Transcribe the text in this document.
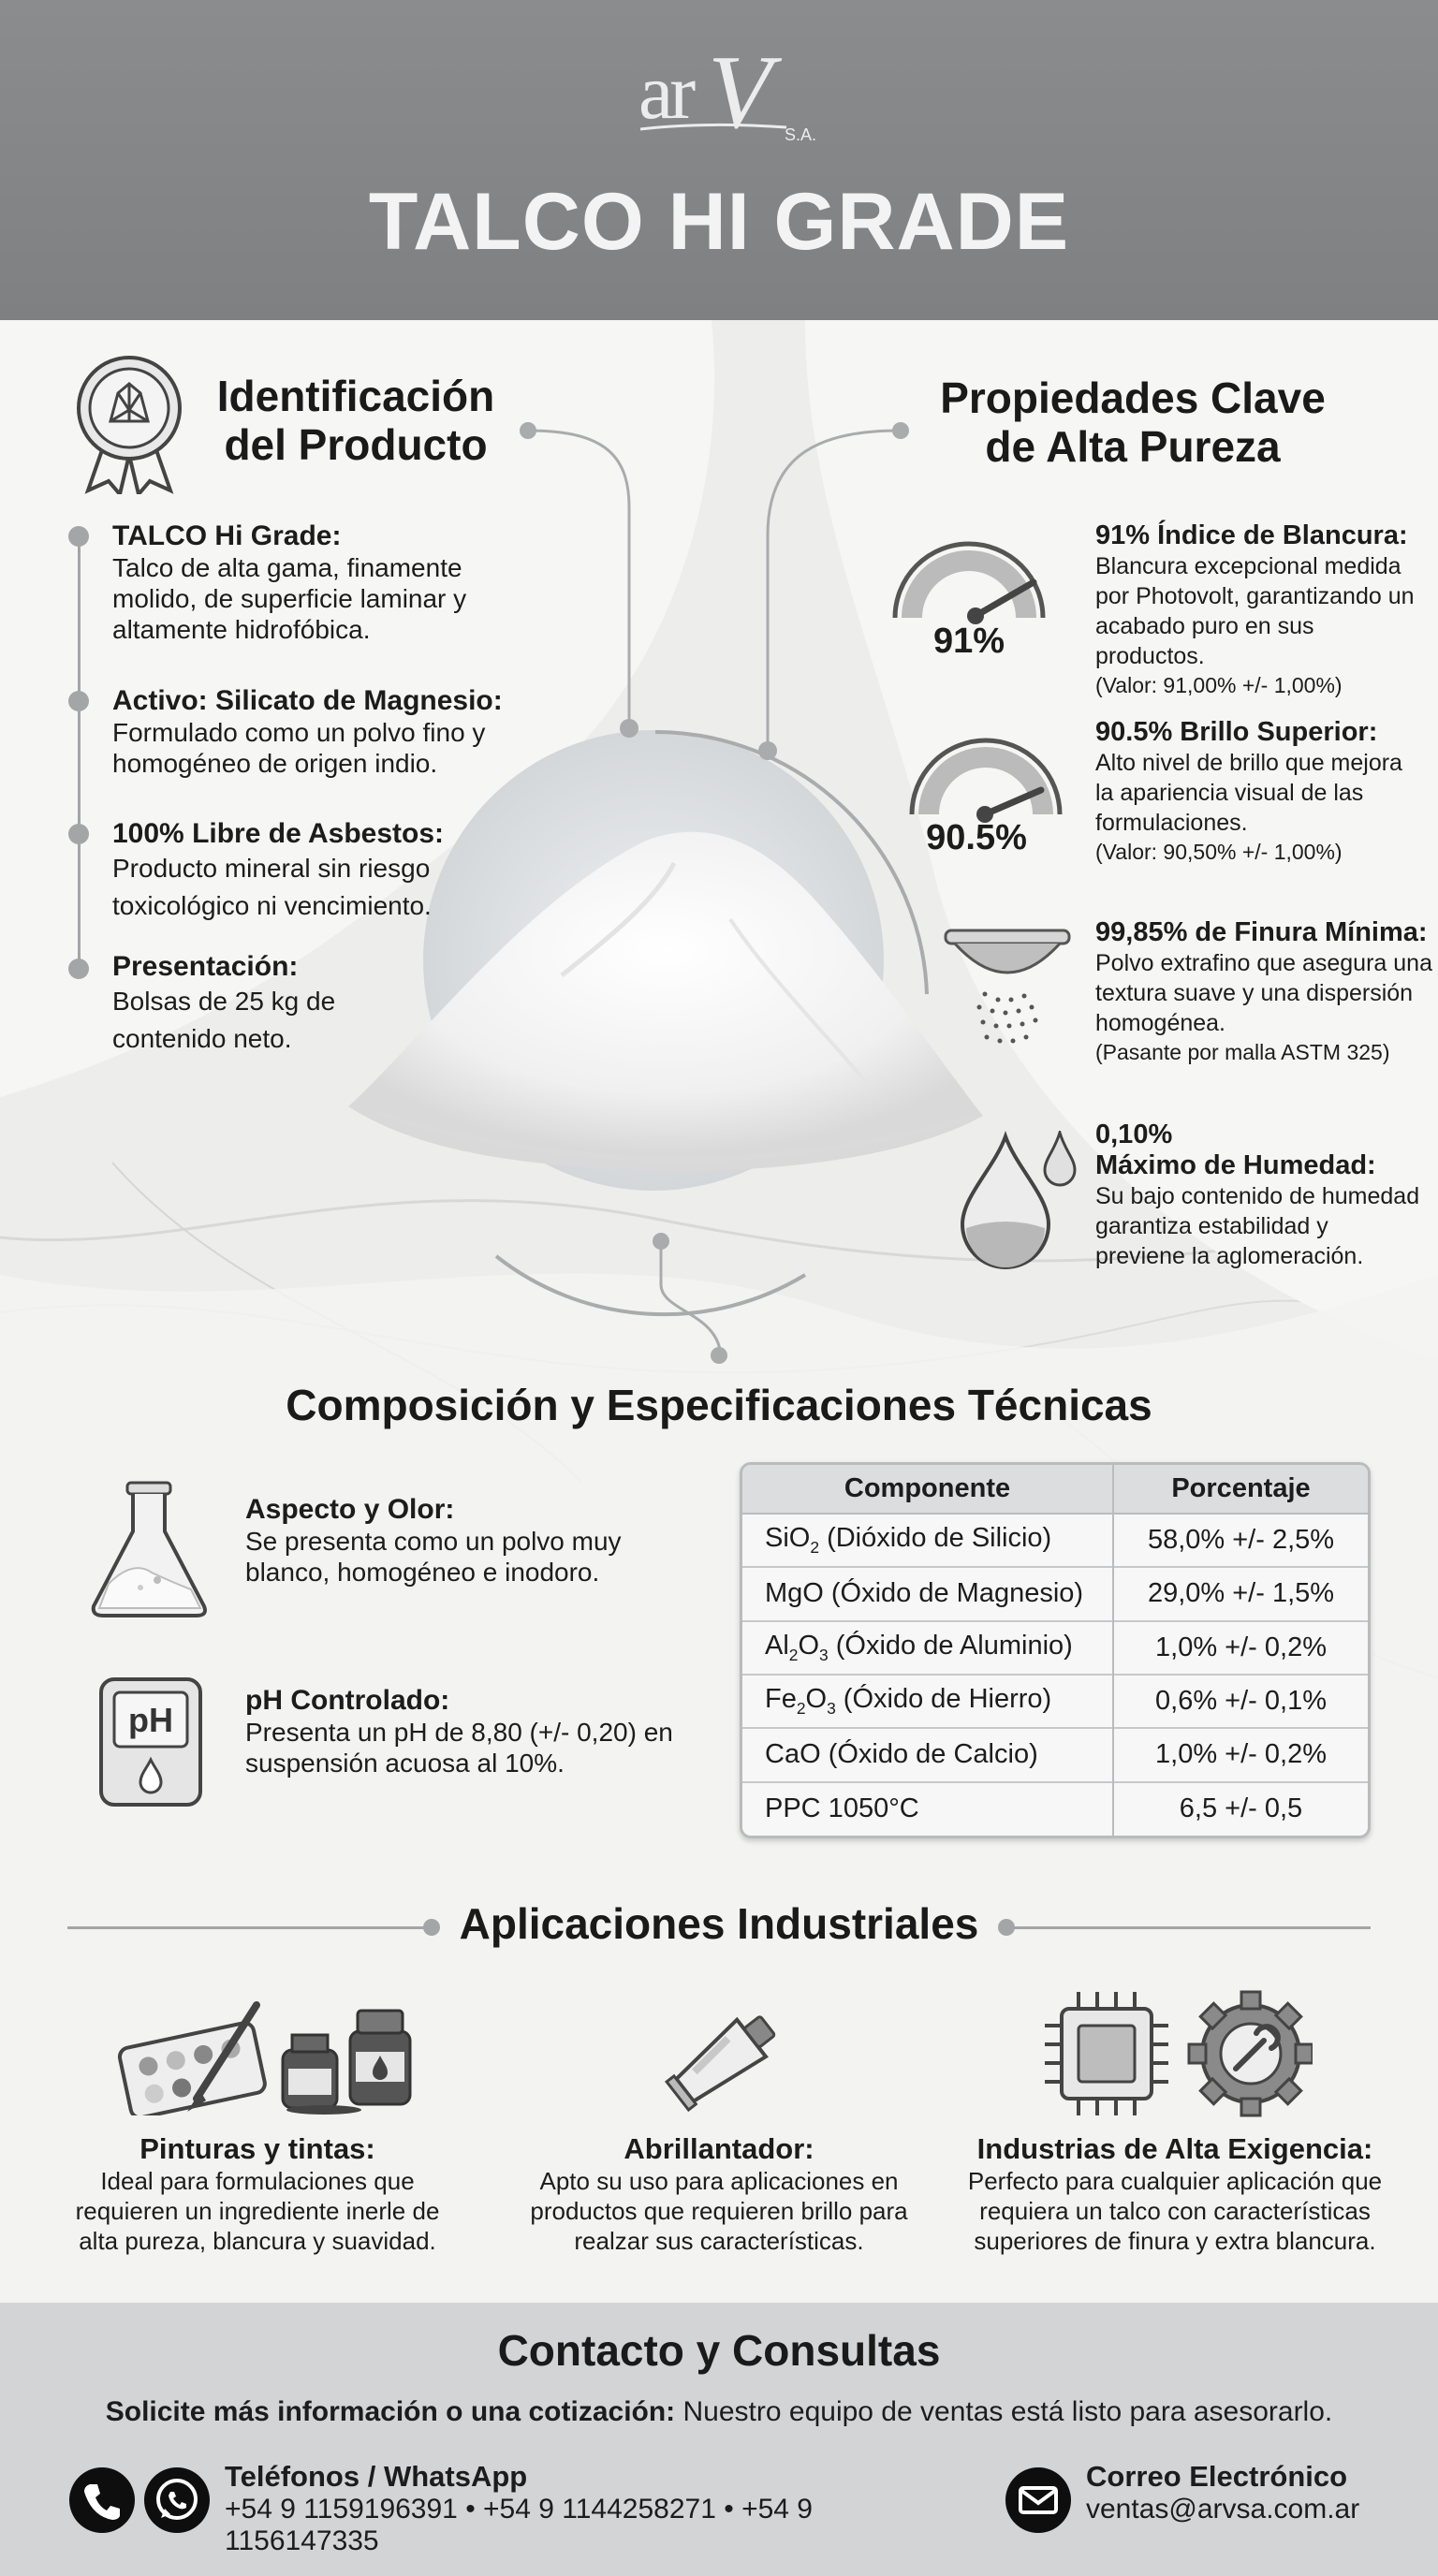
ar V S.A.
TALCO HI GRADE
Identificación
del Producto
TALCO Hi Grade:
Talco de alta gama, finamente molido, de superficie laminar y altamente hidrofóbica.
Activo: Silicato de Magnesio:
Formulado como un polvo fino y homogéneo de origen indio.
100% Libre de Asbestos:
Producto mineral sin riesgo toxicológico ni vencimiento.
Presentación:
Bolsas de 25 kg de contenido neto.
Propiedades Clave
de Alta Pureza
91%
91% Índice de Blancura:
Blancura excepcional medida por Photovolt, garantizando un acabado puro en sus productos.
(Valor: 91,00% +/- 1,00%)
90.5%
90.5% Brillo Superior:
Alto nivel de brillo que mejora la apariencia visual de las formulaciones.
(Valor: 90,50% +/- 1,00%)
99,85% de Finura Mínima:
Polvo extrafino que asegura una textura suave y una dispersión homogénea.
(Pasante por malla ASTM 325)
0,10%
Máximo de Humedad:
Su bajo contenido de humedad garantiza estabilidad y previene la aglomeración.
Composición y Especificaciones Técnicas
Aspecto y Olor:
Se presenta como un polvo muy blanco, homogéneo e inodoro.
pH
pH Controlado:
Presenta un pH de 8,80 (+/- 0,20) en suspensión acuosa al 10%.
Componente	Porcentaje
SiO$_2$ (Dióxido de Silicio)	58,0% +/- 2,5%
MgO (Óxido de Magnesio)	29,0% +/- 1,5%
$Al_2O_3$ (Óxido de Aluminio)	1,0% +/- 0,2%
$Fe_2O_3$ (Óxido de Hierro)	0,6% +/- 0,1%
CaO (Óxido de Calcio)	1,0% +/- 0,2%
PPC 1050°C	6,5 +/- 0,5
Aplicaciones Industriales
Pinturas y tintas:
Ideal para formulaciones que requieren un ingrediente inerle de alta pureza, blancura y suavidad.
Abrillantador:
Apto su uso para aplicaciones en productos que requieren brillo para realzar sus características.
Industrias de Alta Exigencia:
Perfecto para cualquier aplicación que requiera un talco con características superiores de finura y extra blancura.
Contacto y Consultas
Solicite más información o una cotización: Nuestro equipo de ventas está listo para asesorarlo.
Teléfonos / WhatsApp
+54 9 1159196391 • +54 9 1144258271 • +54 9 1156147335
Correo Electrónico
ventas@arvsa.com.ar
